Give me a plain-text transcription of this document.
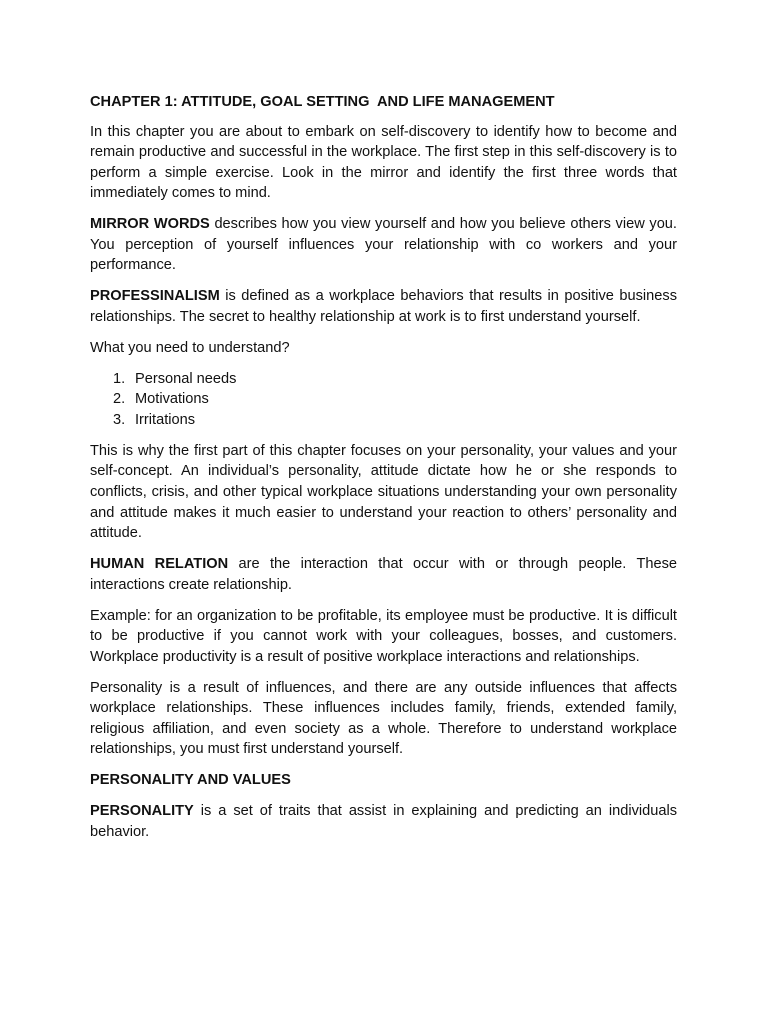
CHAPTER 1: ATTITUDE, GOAL SETTING  AND LIFE MANAGEMENT

In this chapter you are about to embark on self-discovery to identify how to become and remain productive and successful in the workplace. The first step in this self-discovery is to perform a simple exercise. Look in the mirror and identify the first three words that immediately comes to mind.

MIRROR WORDS describes how you view yourself and how you believe others view you. You perception of yourself influences your relationship with co workers and your performance.

PROFESSINALISM is defined as a workplace behaviors that results in positive business relationships. The secret to healthy relationship at work is to first understand yourself.

What you need to understand?

1. Personal needs
2. Motivations
3. Irritations

This is why the first part of this chapter focuses on your personality, your values and your self-concept. An individual’s personality, attitude dictate how he or she responds to conflicts, crisis, and other typical workplace situations understanding your own personality and attitude makes it much easier to understand your reaction to others’ personality and attitude.

HUMAN RELATION are the interaction that occur with or through people. These interactions create relationship.

Example: for an organization to be profitable, its employee must be productive. It is difficult to be productive if you cannot work with your colleagues, bosses, and customers. Workplace productivity is a result of positive workplace interactions and relationships.

Personality is a result of influences, and there are any outside influences that affects workplace relationships. These influences includes family, friends, extended family, religious affiliation, and even society as a whole. Therefore to understand workplace relationships, you must first understand yourself.

PERSONALITY AND VALUES

PERSONALITY is a set of traits that assist in explaining and predicting an individuals behavior.
